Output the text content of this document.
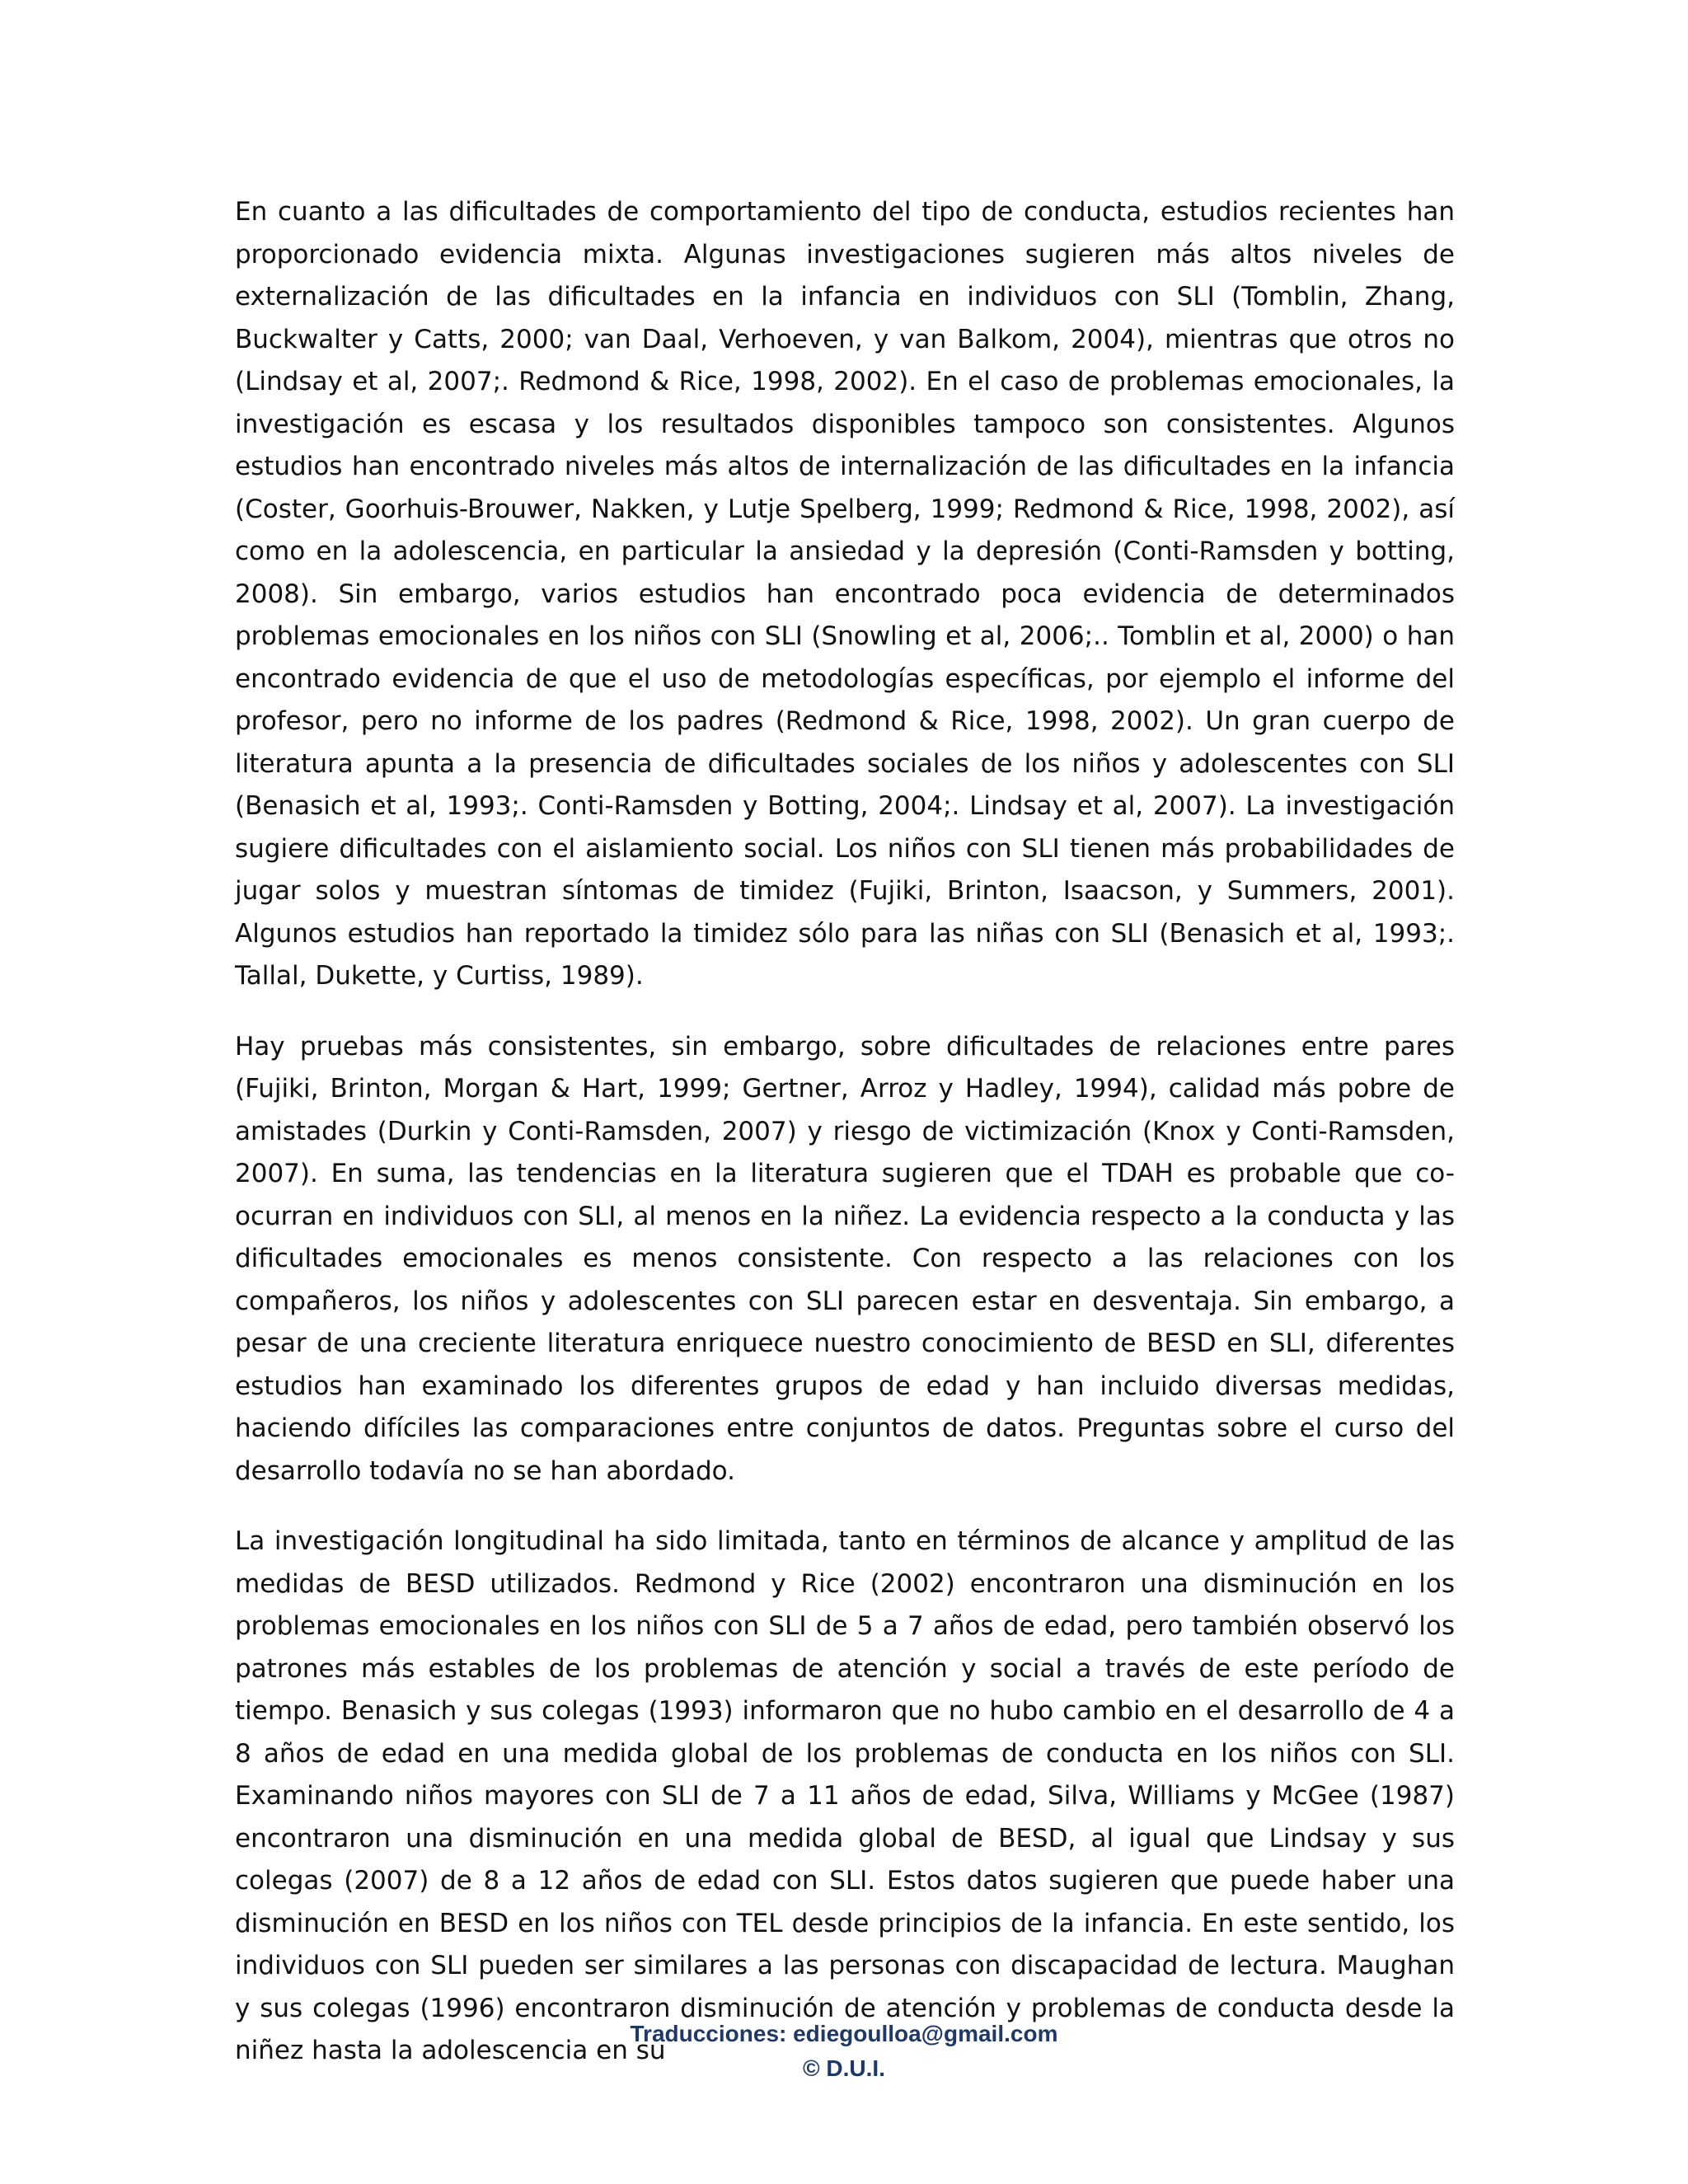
En cuanto a las dificultades de comportamiento del tipo de conducta, estudios recientes han proporcionado evidencia mixta. Algunas investigaciones sugieren más altos niveles de externalización de las dificultades en la infancia en individuos con SLI (Tomblin, Zhang, Buckwalter y Catts, 2000; van Daal, Verhoeven, y van Balkom, 2004), mientras que otros no (Lindsay et al, 2007;. Redmond & Rice, 1998, 2002). En el caso de problemas emocionales, la investigación es escasa y los resultados disponibles tampoco son consistentes. Algunos estudios han encontrado niveles más altos de internalización de las dificultades en la infancia (Coster, Goorhuis-Brouwer, Nakken, y Lutje Spelberg, 1999; Redmond & Rice, 1998, 2002), así como en la adolescencia, en particular la ansiedad y la depresión (Conti-Ramsden y botting, 2008). Sin embargo, varios estudios han encontrado poca evidencia de determinados problemas emocionales en los niños con SLI (Snowling et al, 2006;.. Tomblin et al, 2000) o han encontrado evidencia de que el uso de metodologías específicas, por ejemplo el informe del profesor, pero no informe de los padres (Redmond & Rice, 1998, 2002). Un gran cuerpo de literatura apunta a la presencia de dificultades sociales de los niños y adolescentes con SLI (Benasich et al, 1993;. Conti-Ramsden y Botting, 2004;. Lindsay et al, 2007). La investigación sugiere dificultades con el aislamiento social. Los niños con SLI tienen más probabilidades de jugar solos y muestran síntomas de timidez (Fujiki, Brinton, Isaacson, y Summers, 2001). Algunos estudios han reportado la timidez sólo para las niñas con SLI (Benasich et al, 1993;. Tallal, Dukette, y Curtiss, 1989).

Hay pruebas más consistentes, sin embargo, sobre dificultades de relaciones entre pares (Fujiki, Brinton, Morgan & Hart, 1999; Gertner, Arroz y Hadley, 1994), calidad más pobre de amistades (Durkin y Conti-Ramsden, 2007) y riesgo de victimización (Knox y Conti-Ramsden, 2007). En suma, las tendencias en la literatura sugieren que el TDAH es probable que co-ocurran en individuos con SLI, al menos en la niñez. La evidencia respecto a la conducta y las dificultades emocionales es menos consistente. Con respecto a las relaciones con los compañeros, los niños y adolescentes con SLI parecen estar en desventaja. Sin embargo, a pesar de una creciente literatura enriquece nuestro conocimiento de BESD en SLI, diferentes estudios han examinado los diferentes grupos de edad y han incluido diversas medidas, haciendo difíciles las comparaciones entre conjuntos de datos. Preguntas sobre el curso del desarrollo todavía no se han abordado.

La investigación longitudinal ha sido limitada, tanto en términos de alcance y amplitud de las medidas de BESD utilizados. Redmond y Rice (2002) encontraron una disminución en los problemas emocionales en los niños con SLI de 5 a 7 años de edad, pero también observó los patrones más estables de los problemas de atención y social a través de este período de tiempo. Benasich y sus colegas (1993) informaron que no hubo cambio en el desarrollo de 4 a 8 años de edad en una medida global de los problemas de conducta en los niños con SLI. Examinando niños mayores con SLI de 7 a 11 años de edad, Silva, Williams y McGee (1987) encontraron una disminución en una medida global de BESD, al igual que Lindsay y sus colegas (2007) de 8 a 12 años de edad con SLI. Estos datos sugieren que puede haber una disminución en BESD en los niños con TEL desde principios de la infancia. En este sentido, los individuos con SLI pueden ser similares a las personas con discapacidad de lectura. Maughan y sus colegas (1996) encontraron disminución de atención y problemas de conducta desde la niñez hasta la adolescencia en su

Traducciones: ediegoulloa@gmail.com
© D.U.I.
